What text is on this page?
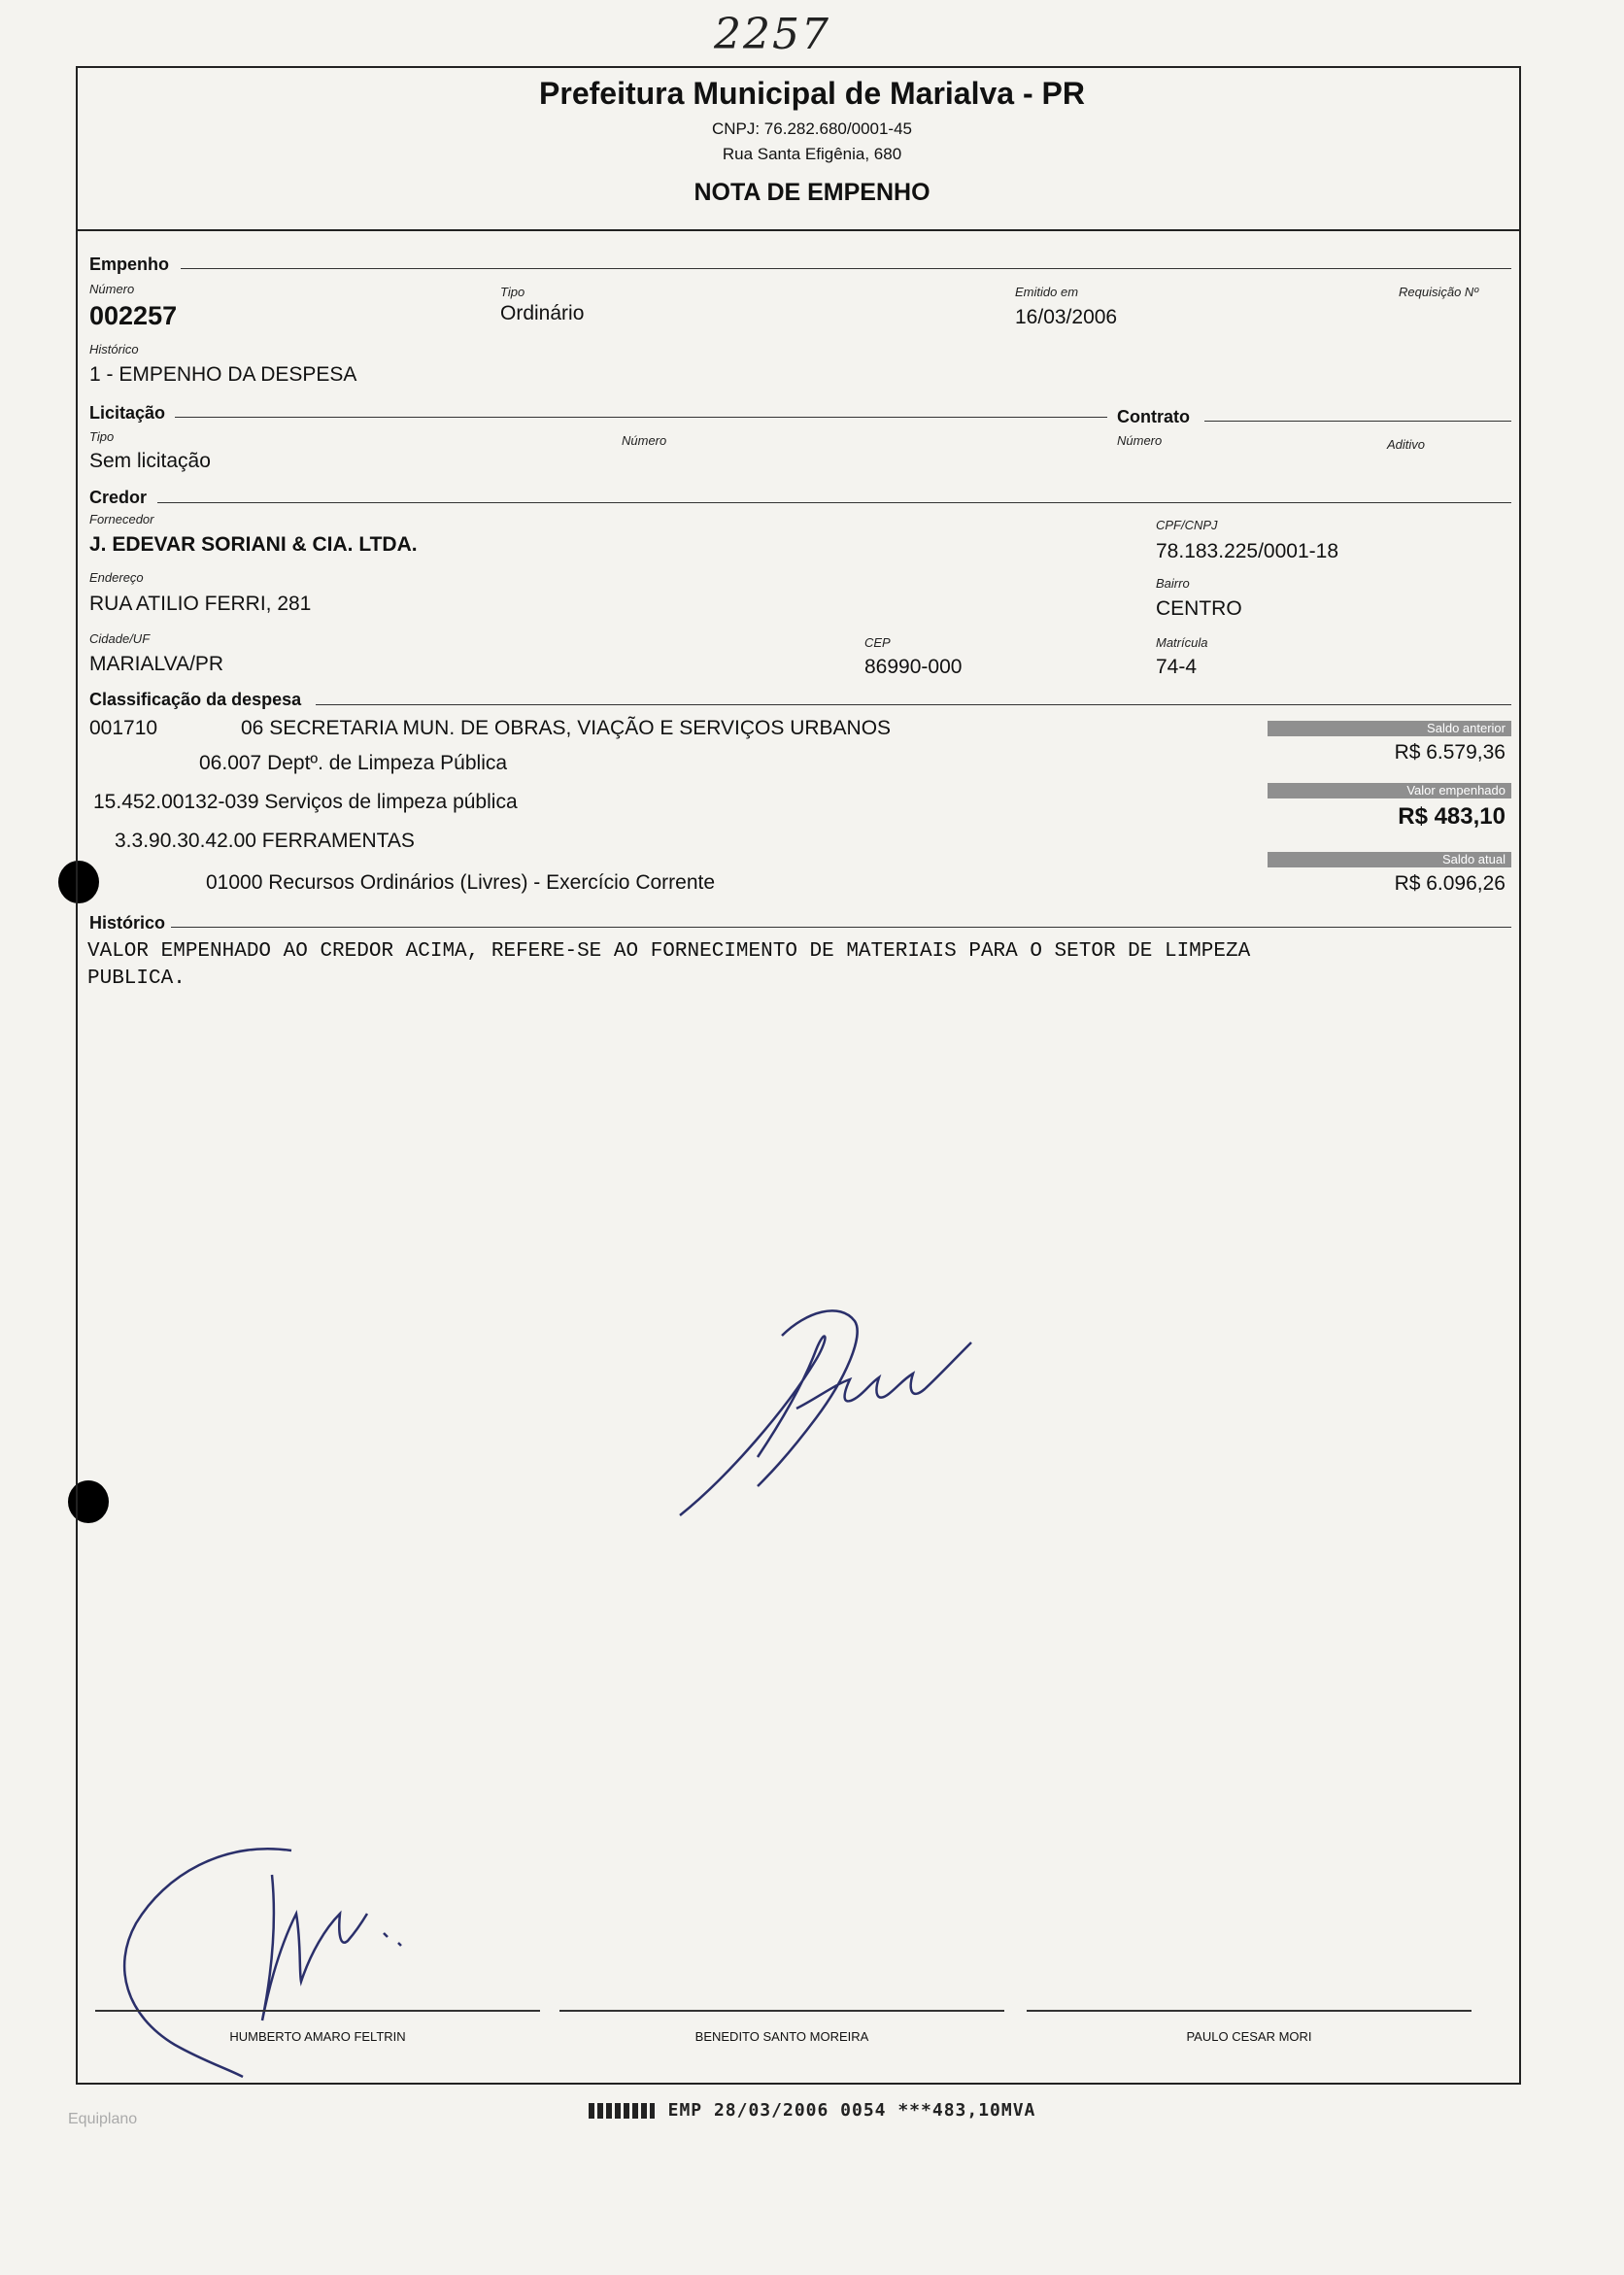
2257
Prefeitura Municipal de Marialva - PR
CNPJ: 76.282.680/0001-45
Rua Santa Efigênia, 680
NOTA DE EMPENHO
Empenho
Número
002257
Tipo
Ordinário
Emitido em
16/03/2006
Requisição Nº
Histórico
1 - EMPENHO DA DESPESA
Licitação	Contrato
Tipo
Sem licitação
Número	Número	Aditivo
Credor
Fornecedor
J. EDEVAR SORIANI & CIA. LTDA.
CPF/CNPJ
78.183.225/0001-18
Endereço
RUA ATILIO FERRI, 281
Bairro
CENTRO
Cidade/UF
MARIALVA/PR
CEP
86990-000
Matrícula
74-4
Classificação da despesa
001710	06 SECRETARIA MUN. DE OBRAS, VIAÇÃO E SERVIÇOS URBANOS
06.007 Deptº. de Limpeza Pública
15.452.00132-039 Serviços de limpeza pública
3.3.90.30.42.00 FERRAMENTAS
01000 Recursos Ordinários (Livres) - Exercício Corrente
Saldo anterior
R$ 6.579,36
Valor empenhado
R$ 483,10
Saldo atual
R$ 6.096,26
Histórico
VALOR EMPENHADO AO CREDOR ACIMA, REFERE-SE AO FORNECIMENTO DE MATERIAIS PARA O SETOR DE LIMPEZA
PUBLICA.
HUMBERTO AMARO FELTRIN	BENEDITO SANTO MOREIRA	PAULO CESAR MORI
Equiplano	EMP 28/03/2006 0054 ***483,10MVA
